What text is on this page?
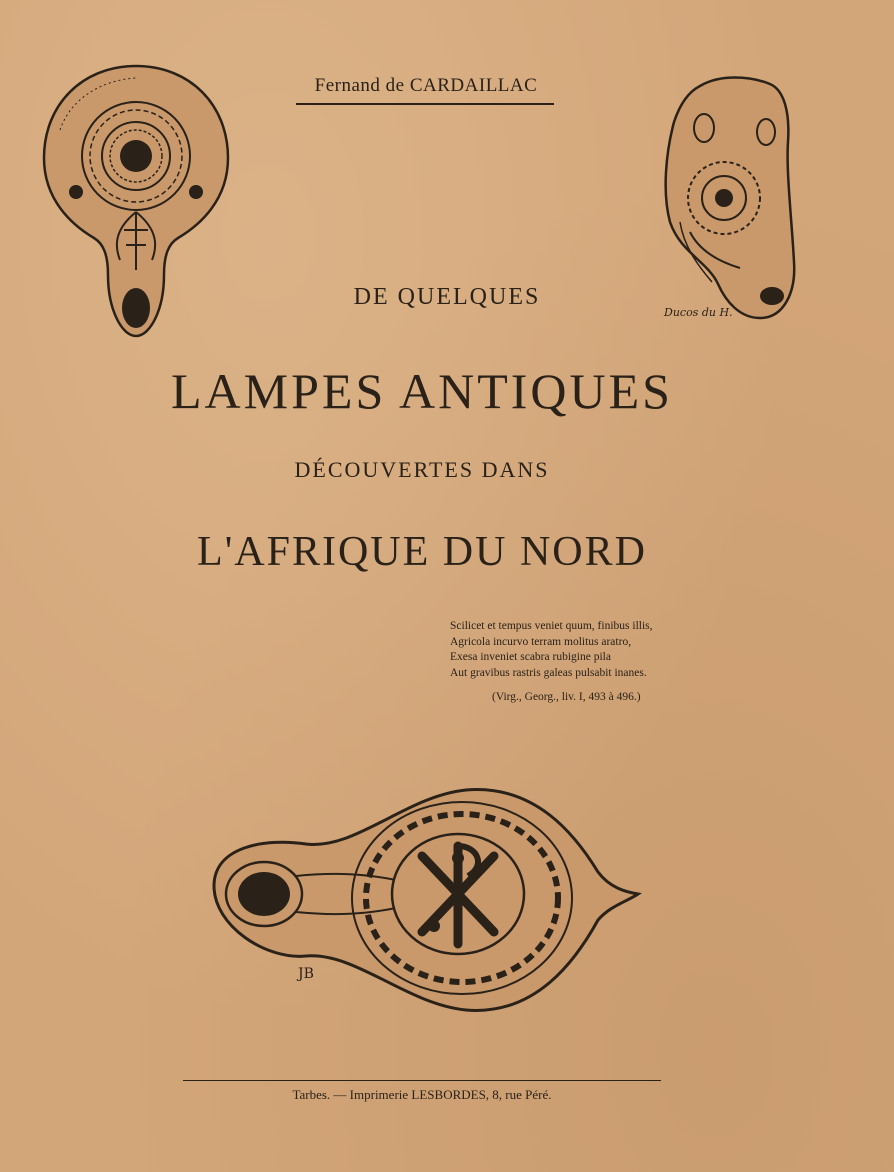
Fernand de CARDAILLAC
Ducos du H.
DE QUELQUES
LAMPES ANTIQUES
DÉCOUVERTES DANS
L'AFRIQUE DU NORD
Scilicet et tempus veniet quum, finibus illis,
Agricola incurvo terram molitus aratro,
Exesa inveniet scabra rubigine pila
Aut gravibus rastris galeas pulsabit inanes.
(Virg., Georg., liv. I, 493 à 496.)
JB
Tarbes. — Imprimerie LESBORDES, 8, rue Péré.
